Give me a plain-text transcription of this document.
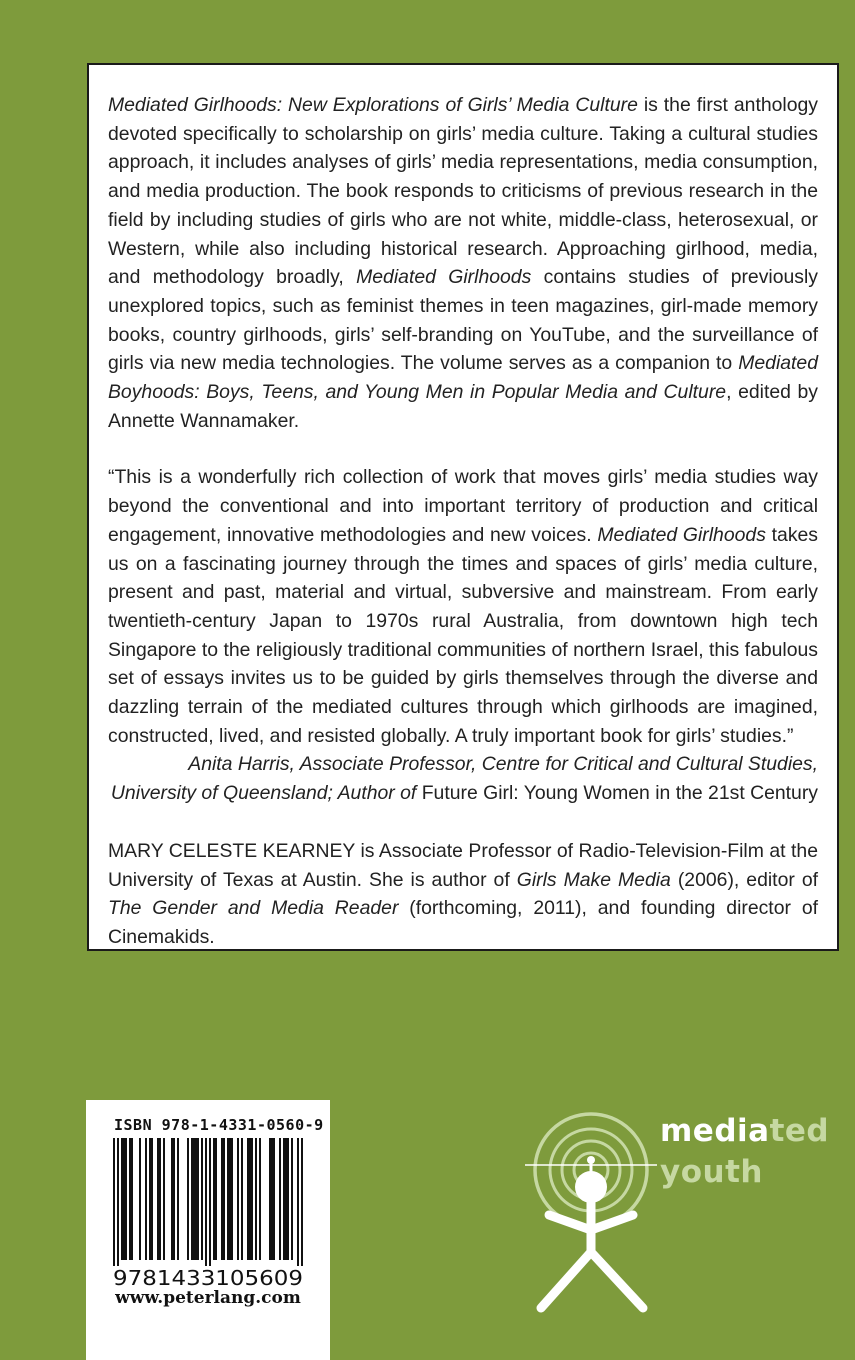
Mediated Girlhoods: New Explorations of Girls’ Media Culture is the first anthology devoted specifically to scholarship on girls’ media culture. Taking a cultural studies approach, it includes analyses of girls’ media representations, media consumption, and media production. The book responds to criticisms of previous research in the field by including studies of girls who are not white, middle-class, heterosexual, or Western, while also including historical research. Approaching girlhood, media, and methodology broadly, Mediated Girlhoods contains studies of previously unexplored topics, such as feminist themes in teen magazines, girl-made memory books, country girlhoods, girls’ self-branding on YouTube, and the surveillance of girls via new media technologies. The volume serves as a companion to Mediated Boyhoods: Boys, Teens, and Young Men in Popular Media and Culture, edited by Annette Wannamaker.

“This is a wonderfully rich collection of work that moves girls’ media studies way beyond the conventional and into important territory of production and critical engagement, innovative methodologies and new voices. Mediated Girlhoods takes us on a fascinating journey through the times and spaces of girls’ media culture, present and past, material and virtual, subversive and mainstream. From early twentieth-century Japan to 1970s rural Australia, from downtown high tech Singapore to the religiously traditional communities of northern Israel, this fabulous set of essays invites us to be guided by girls themselves through the diverse and dazzling terrain of the mediated cultures through which girlhoods are imagined, constructed, lived, and resisted globally. A truly important book for girls’ studies.”

Anita Harris, Associate Professor, Centre for Critical and Cultural Studies,
University of Queensland; Author of Future Girl: Young Women in the 21st Century

MARY CELESTE KEARNEY is Associate Professor of Radio-Television-Film at the University of Texas at Austin. She is author of Girls Make Media (2006), editor of The Gender and Media Reader (forthcoming, 2011), and founding director of Cinemakids.

ISBN 978-1-4331-0560-9
9781433105609
www.peterlang.com
mediated
youth
